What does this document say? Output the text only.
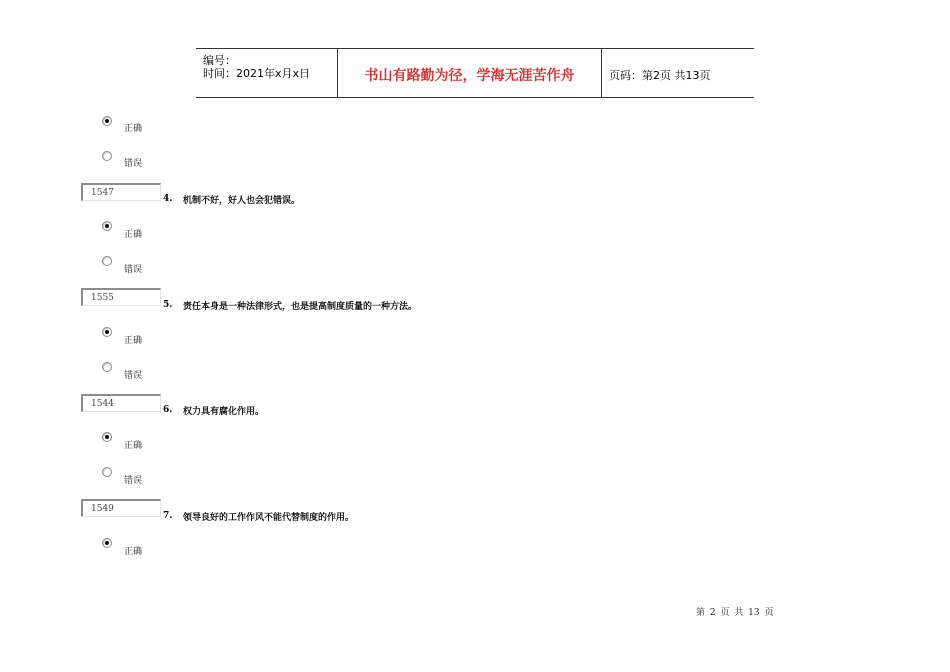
编号：
时间：2021年x月x日	书山有路勤为径，学海无涯苦作舟	页码：第2页 共13页
正确
错误
1547
4. 机制不好，好人也会犯错误。
正确
错误
1555
5. 责任本身是一种法律形式，也是提高制度质量的一种方法。
正确
错误
1544
6. 权力具有腐化作用。
正确
错误
1549
7. 领导良好的工作作风不能代替制度的作用。
正确
第 2 页 共 13 页
